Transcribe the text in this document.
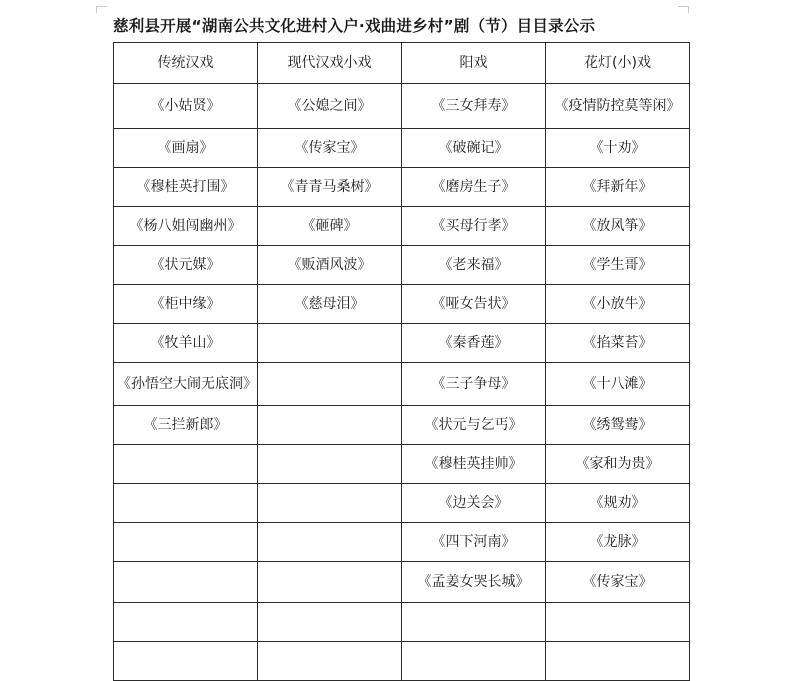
慈利县开展“湖南公共文化进村入户·戏曲进乡村”剧（节）目目录公示
传统汉戏	现代汉戏小戏	阳戏	花灯(小)戏
《小姑贤》	《公媳之间》	《三女拜寿》	《疫情防控莫等闲》
《画扇》	《传家宝》	《破碗记》	《十劝》
《穆桂英打围》	《青青马桑树》	《磨房生子》	《拜新年》
《杨八姐闯幽州》	《砸碑》	《买母行孝》	《放风筝》
《状元媒》	《贩酒风波》	《老来福》	《学生哥》
《柜中缘》	《慈母泪》	《哑女告状》	《小放牛》
《牧羊山》		《秦香莲》	《掐菜苔》
《孙悟空大闹无底洞》		《三子争母》	《十八滩》
《三拦新郎》		《状元与乞丐》	《绣鸳鸯》
		《穆桂英挂帅》	《家和为贵》
		《边关会》	《规劝》
		《四下河南》	《龙脉》
		《孟姜女哭长城》	《传家宝》
